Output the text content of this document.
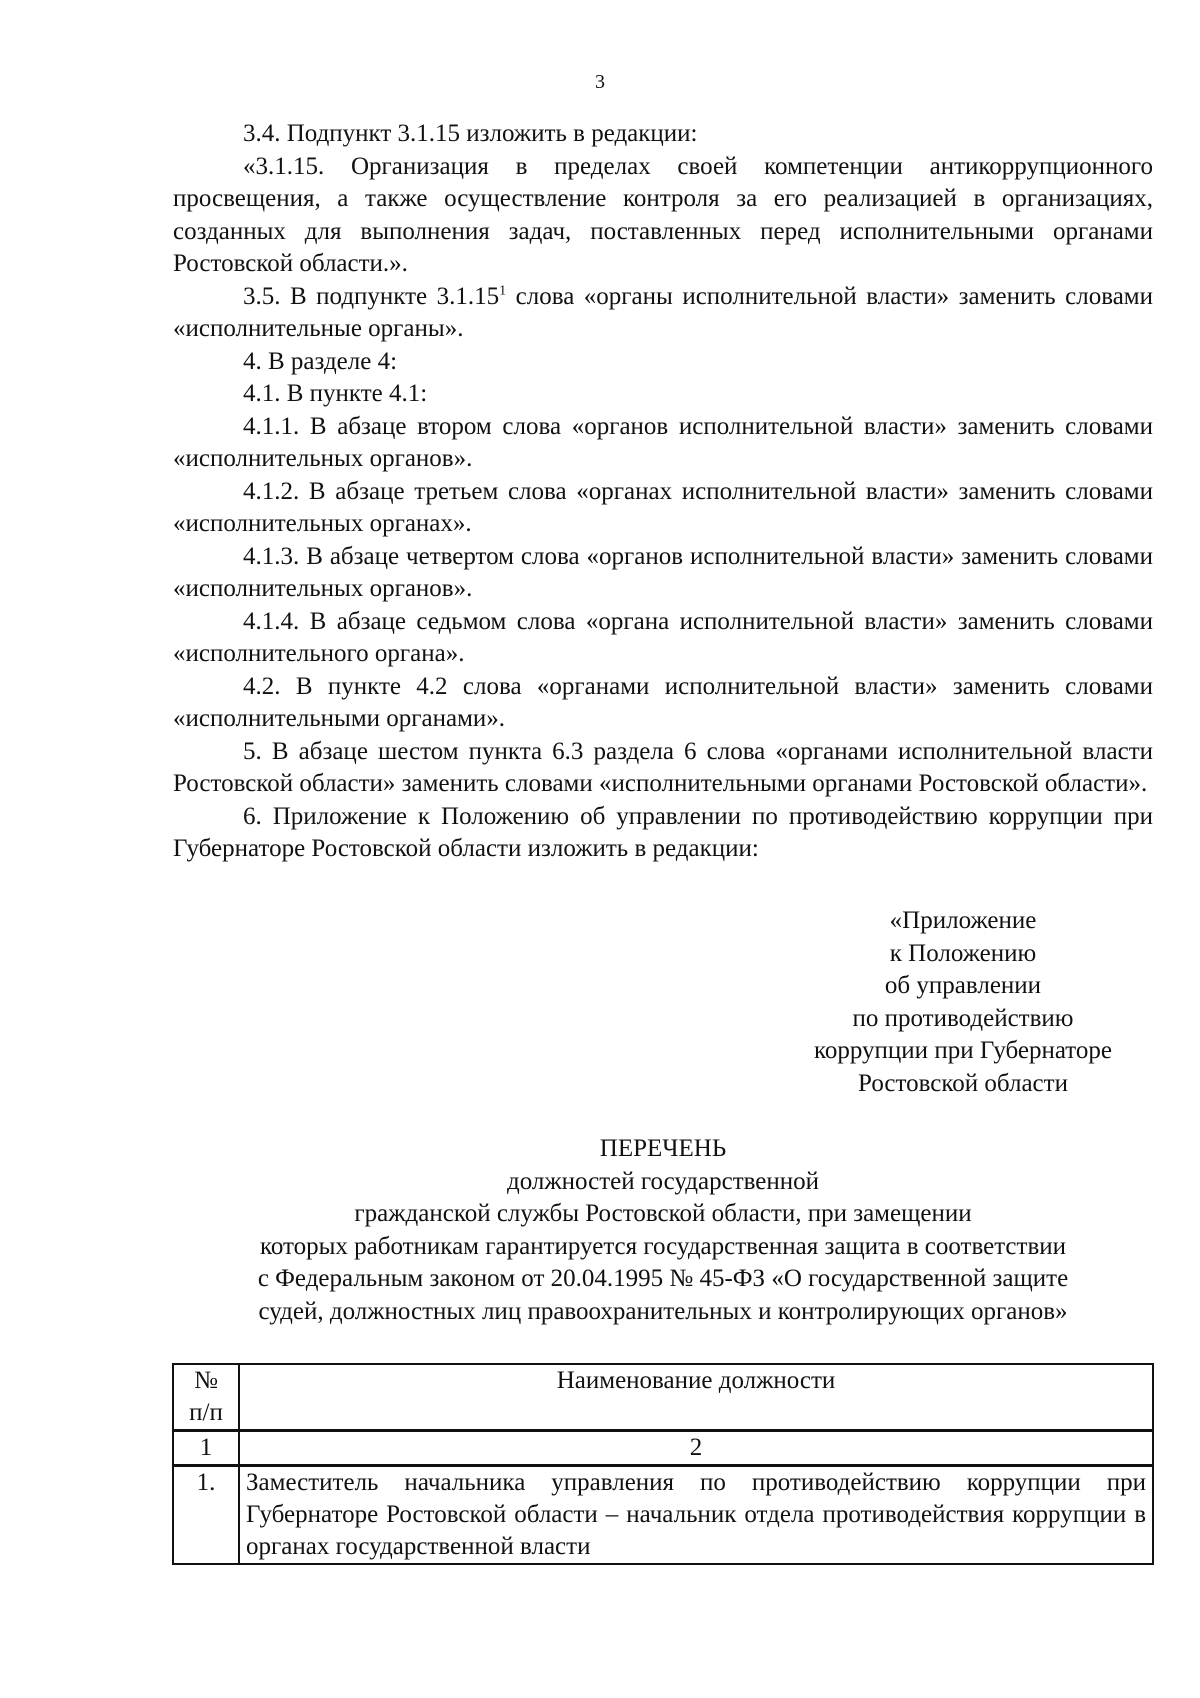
3

3.4. Подпункт 3.1.15 изложить в редакции:

«3.1.15. Организация в пределах своей компетенции антикоррупционного просвещения, а также осуществление контроля за его реализацией в организациях, созданных для выполнения задач, поставленных перед исполнительными органами Ростовской области.».

3.5. В подпункте 3.1.15$^1$ слова «органы исполнительной власти» заменить словами «исполнительные органы».

4. В разделе 4:

4.1. В пункте 4.1:

4.1.1. В абзаце втором слова «органов исполнительной власти» заменить словами «исполнительных органов».

4.1.2. В абзаце третьем слова «органах исполнительной власти» заменить словами «исполнительных органах».

4.1.3. В абзаце четвертом слова «органов исполнительной власти» заменить словами «исполнительных органов».

4.1.4. В абзаце седьмом слова «органа исполнительной власти» заменить словами «исполнительного органа».

4.2. В пункте 4.2 слова «органами исполнительной власти» заменить словами «исполнительными органами».

5. В абзаце шестом пункта 6.3 раздела 6 слова «органами исполнительной власти Ростовской области» заменить словами «исполнительными органами Ростовской области».

6. Приложение к Положению об управлении по противодействию коррупции при Губернаторе Ростовской области изложить в редакции:

«Приложение
к Положению
об управлении
по противодействию
коррупции при Губернаторе
Ростовской области
ПЕРЕЧЕНЬ
должностей государственной
гражданской службы Ростовской области, при замещении
которых работникам гарантируется государственная защита в соответствии
с Федеральным законом от 20.04.1995 № 45-ФЗ «О государственной защите
судей, должностных лиц правоохранительных и контролирующих органов»
№
п/п	Наименование должности
1	2
1.	Заместитель начальника управления по противодействию коррупции при Губернаторе Ростовской области – начальник отдела противодействия коррупции в органах государственной власти
